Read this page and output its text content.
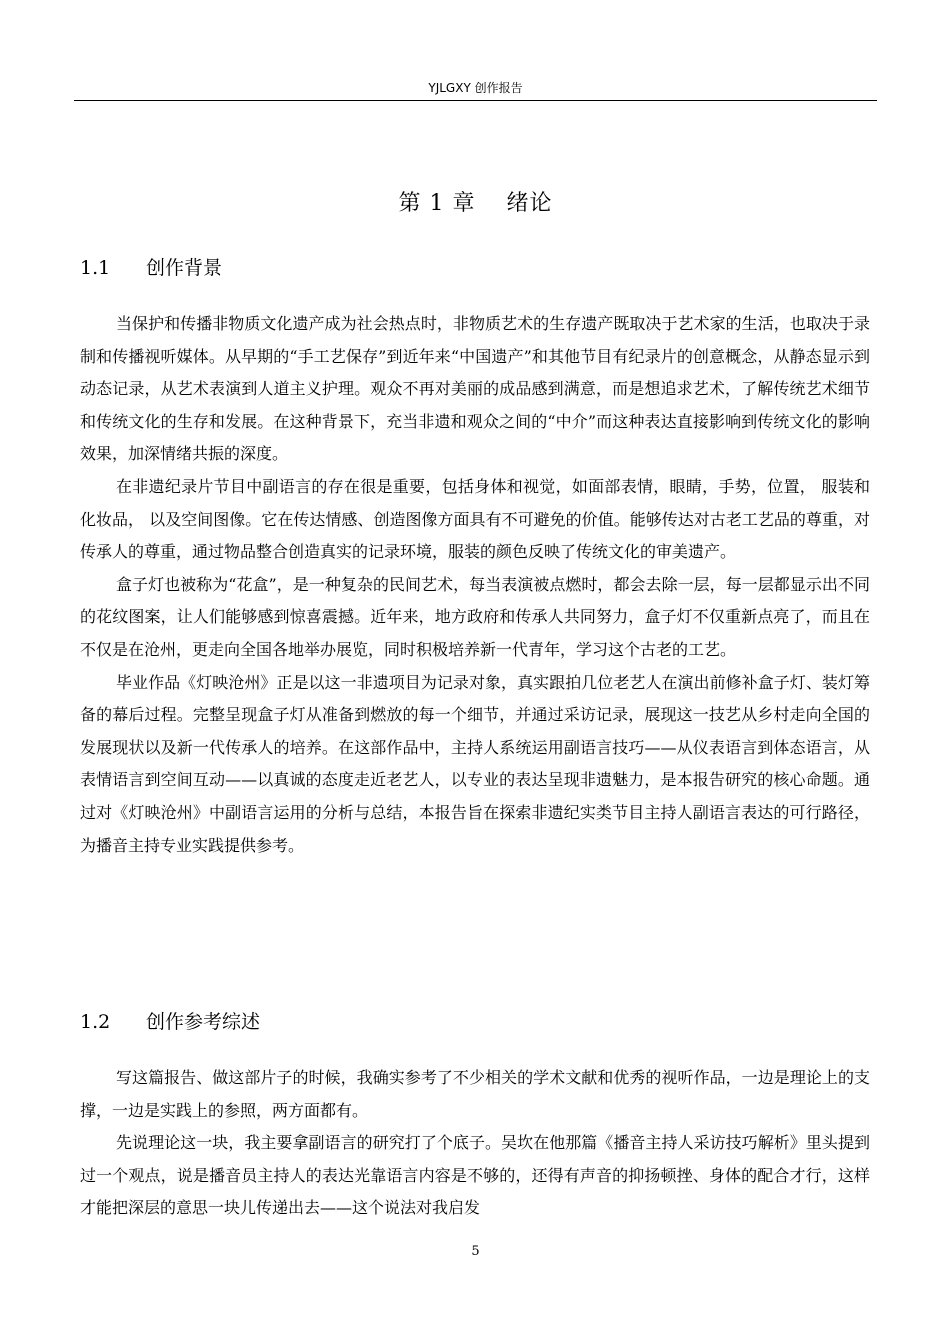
YJLGXY 创作报告
第 1 章　 绪论
1.1	创作背景

当保护和传播非物质文化遗产成为社会热点时，非物质艺术的生存遗产既取决于艺术家的生活，也取决于录制和传播视听媒体。从早期的“手工艺保存”到近年来“中国遗产”和其他节目有纪录片的创意概念，从静态显示到动态记录，从艺术表演到人道主义护理。观众不再对美丽的成品感到满意，而是想追求艺术，了解传统艺术细节和传统文化的生存和发展。在这种背景下，充当非遗和观众之间的“中介”而这种表达直接影响到传统文化的影响效果，加深情绪共振的深度。

在非遗纪录片节目中副语言的存在很是重要，包括身体和视觉，如面部表情，眼睛，手势，位置， 服装和化妆品， 以及空间图像。它在传达情感、创造图像方面具有不可避免的价值。能够传达对古老工艺品的尊重，对传承人的尊重，通过物品整合创造真实的记录环境，服装的颜色反映了传统文化的审美遗产。

盒子灯也被称为“花盒”，是一种复杂的民间艺术，每当表演被点燃时，都会去除一层，每一层都显示出不同的花纹图案，让人们能够感到惊喜震撼。近年来，地方政府和传承人共同努力，盒子灯不仅重新点亮了，而且在不仅是在沧州，更走向全国各地举办展览，同时积极培养新一代青年，学习这个古老的工艺。

毕业作品《灯映沧州》正是以这一非遗项目为记录对象，真实跟拍几位老艺人在演出前修补盒子灯、装灯筹备的幕后过程。完整呈现盒子灯从准备到燃放的每一个细节，并通过采访记录，展现这一技艺从乡村走向全国的发展现状以及新一代传承人的培养。在这部作品中，主持人系统运用副语言技巧——从仪表语言到体态语言，从表情语言到空间互动——以真诚的态度走近老艺人，以专业的表达呈现非遗魅力，是本报告研究的核心命题。通过对《灯映沧州》中副语言运用的分析与总结，本报告旨在探索非遗纪实类节目主持人副语言表达的可行路径，为播音主持专业实践提供参考。

1.2	创作参考综述

写这篇报告、做这部片子的时候，我确实参考了不少相关的学术文献和优秀的视听作品，一边是理论上的支撑，一边是实践上的参照，两方面都有。

先说理论这一块，我主要拿副语言的研究打了个底子。吴坎在他那篇《播音主持人采访技巧解析》里头提到过一个观点，说是播音员主持人的表达光靠语言内容是不够的，还得有声音的抑扬顿挫、身体的配合才行，这样才能把深层的意思一块儿传递出去——这个说法对我启发

5
